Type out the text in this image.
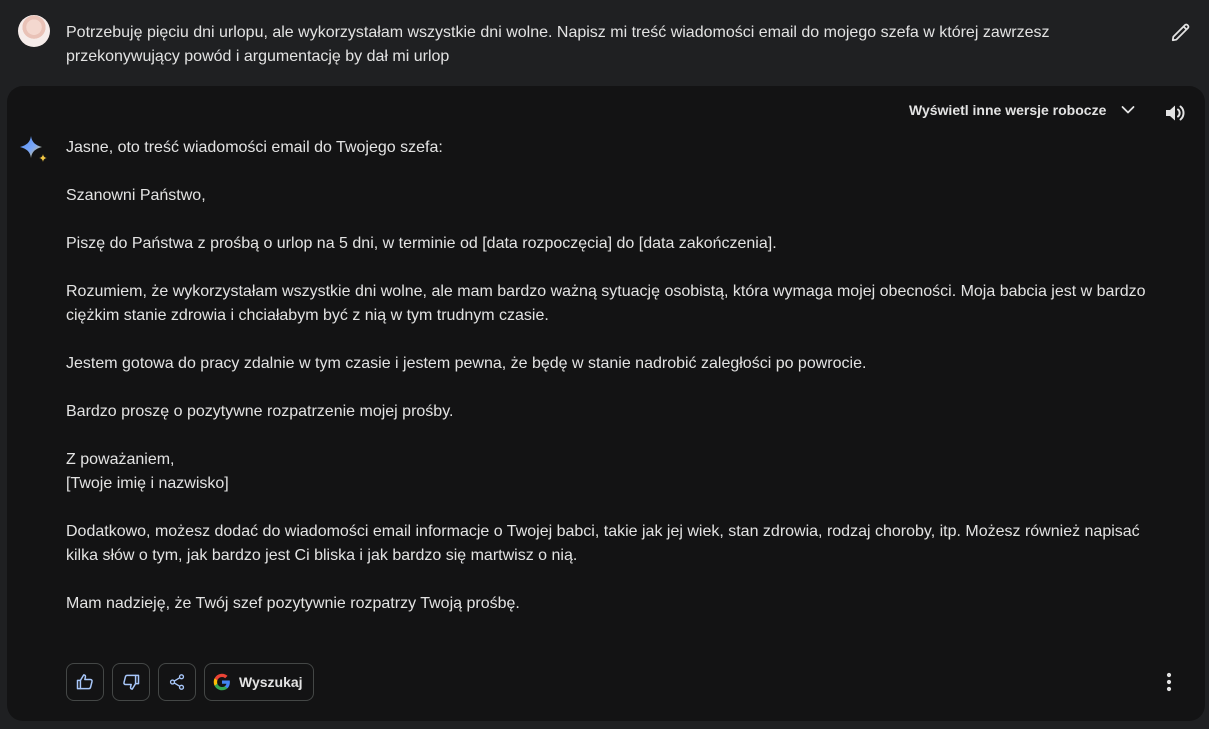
Potrzebuję pięciu dni urlopu, ale wykorzystałam wszystkie dni wolne. Napisz mi treść wiadomości email do mojego szefa w której zawrzesz przekonywujący powód i argumentację by dał mi urlop
Wyświetl inne wersje robocze

Jasne, oto treść wiadomości email do Twojego szefa:

Szanowni Państwo,

Piszę do Państwa z prośbą o urlop na 5 dni, w terminie od [data rozpoczęcia] do [data zakończenia].

Rozumiem, że wykorzystałam wszystkie dni wolne, ale mam bardzo ważną sytuację osobistą, która wymaga mojej obecności. Moja babcia jest w bardzo ciężkim stanie zdrowia i chciałabym być z nią w tym trudnym czasie.

Jestem gotowa do pracy zdalnie w tym czasie i jestem pewna, że będę w stanie nadrobić zaległości po powrocie.

Bardzo proszę o pozytywne rozpatrzenie mojej prośby.

Z poważaniem,

[Twoje imię i nazwisko]

Dodatkowo, możesz dodać do wiadomości email informacje o Twojej babci, takie jak jej wiek, stan zdrowia, rodzaj choroby, itp. Możesz również napisać kilka słów o tym, jak bardzo jest Ci bliska i jak bardzo się martwisz o nią.

Mam nadzieję, że Twój szef pozytywnie rozpatrzy Twoją prośbę.

Wyszukaj
